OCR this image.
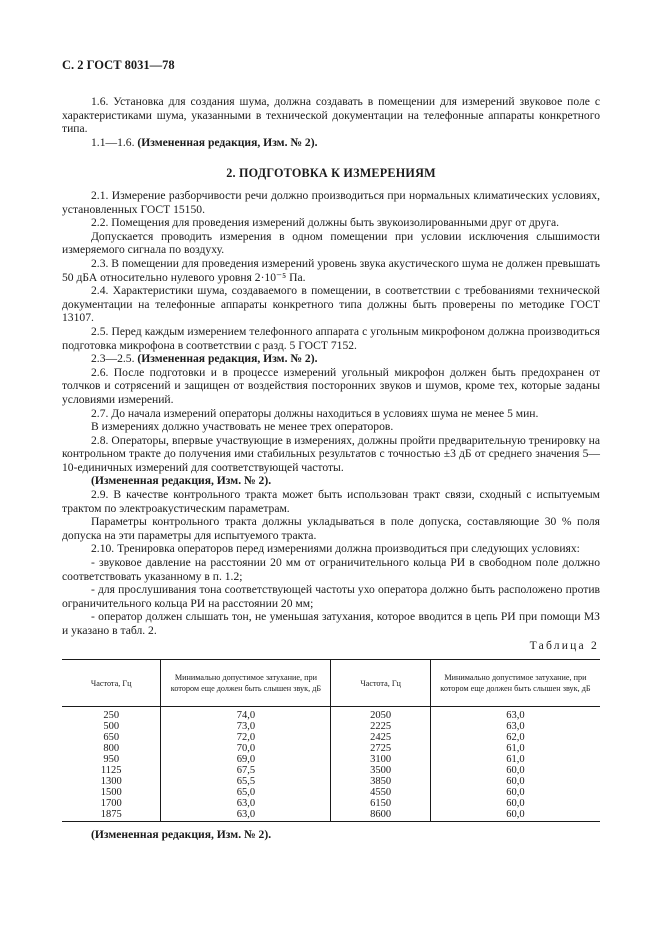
С. 2 ГОСТ 8031—78

1.6. Установка для создания шума, должна создавать в помещении для измерений звуковое поле с характеристиками шума, указанными в технической документации на телефонные аппараты конкретного типа.

1.1—1.6. (Измененная редакция, Изм. № 2).

2. ПОДГОТОВКА К ИЗМЕРЕНИЯМ

2.1. Измерение разборчивости речи должно производиться при нормальных климатических условиях, установленных ГОСТ 15150.

2.2. Помещения для проведения измерений должны быть звукоизолированными друг от друга.

Допускается проводить измерения в одном помещении при условии исключения слышимости измеряемого сигнала по воздуху.

2.3. В помещении для проведения измерений уровень звука акустического шума не должен превышать 50 дБА относительно нулевого уровня 2·10⁻⁵ Па.

2.4. Характеристики шума, создаваемого в помещении, в соответствии с требованиями технической документации на телефонные аппараты конкретного типа должны быть проверены по методике ГОСТ 13107.

2.5. Перед каждым измерением телефонного аппарата с угольным микрофоном должна производиться подготовка микрофона в соответствии с разд. 5 ГОСТ 7152.

2.3—2.5. (Измененная редакция, Изм. № 2).

2.6. После подготовки и в процессе измерений угольный микрофон должен быть предохранен от толчков и сотрясений и защищен от воздействия посторонних звуков и шумов, кроме тех, которые заданы условиями измерений.

2.7. До начала измерений операторы должны находиться в условиях шума не менее 5 мин.

В измерениях должно участвовать не менее трех операторов.

2.8. Операторы, впервые участвующие в измерениях, должны пройти предварительную тренировку на контрольном тракте до получения ими стабильных результатов с точностью ±3 дБ от среднего значения 5—10-единичных измерений для соответствующей частоты.

(Измененная редакция, Изм. № 2).

2.9. В качестве контрольного тракта может быть использован тракт связи, сходный с испытуемым трактом по электроакустическим параметрам.

Параметры контрольного тракта должны укладываться в поле допуска, составляющие 30 % поля допуска на эти параметры для испытуемого тракта.

2.10. Тренировка операторов перед измерениями должна производиться при следующих условиях:

- звуковое давление на расстоянии 20 мм от ограничительного кольца РИ в свободном поле должно соответствовать указанному в п. 1.2;

- для прослушивания тона соответствующей частоты ухо оператора должно быть расположено против ограничительного кольца РИ на расстоянии 20 мм;

- оператор должен слышать тон, не уменьшая затухания, которое вводится в цепь РИ при помощи МЗ и указано в табл. 2.

Таблица 2
Частота, Гц	Минимально допустимое затухание, при котором еще должен быть слышен звук, дБ	Частота, Гц	Минимально допустимое затухание, при котором еще должен быть слышен звук, дБ
250	74,0	2050	63,0
500	73,0	2225	63,0
650	72,0	2425	62,0
800	70,0	2725	61,0
950	69,0	3100	61,0
1125	67,5	3500	60,0
1300	65,5	3850	60,0
1500	65,0	4550	60,0
1700	63,0	6150	60,0
1875	63,0	8600	60,0
(Измененная редакция, Изм. № 2).
